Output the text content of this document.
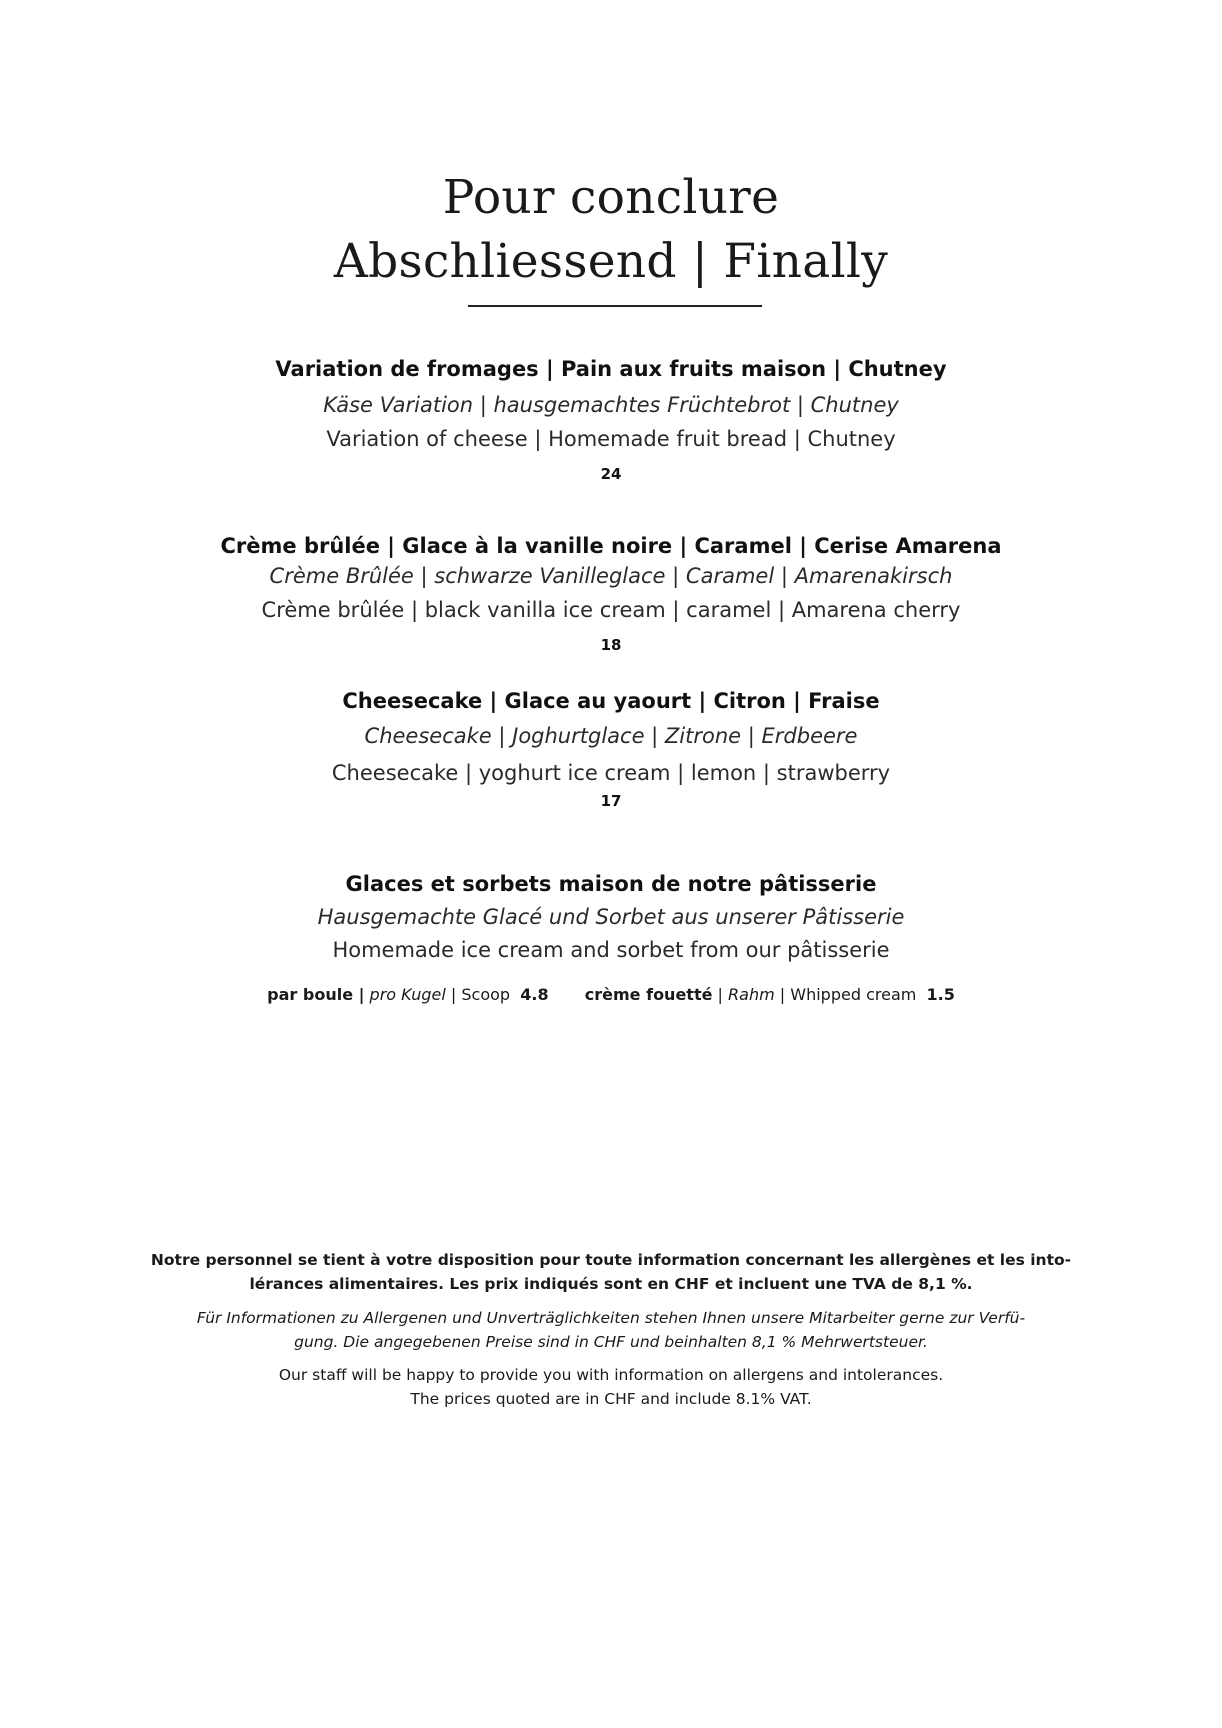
Pour conclure
Abschliessend | Finally
Variation de fromages | Pain aux fruits maison | Chutney
Käse Variation | hausgemachtes Früchtebrot | Chutney
Variation of cheese | Homemade fruit bread | Chutney
24
Crème brûlée | Glace à la vanille noire | Caramel | Cerise Amarena
Crème Brûlée | schwarze Vanilleglace | Caramel | Amarenakirsch
Crème brûlée | black vanilla ice cream | caramel | Amarena cherry
18
Cheesecake | Glace au yaourt | Citron | Fraise
Cheesecake | Joghurtglace | Zitrone | Erdbeere
Cheesecake | yoghurt ice cream | lemon | strawberry
17
Glaces et sorbets maison de notre pâtisserie
Hausgemachte Glacé und Sorbet aus unserer Pâtisserie
Homemade ice cream and sorbet from our pâtisserie
par boule | pro Kugel | Scoop 4.8 crème fouetté | Rahm | Whipped cream 1.5

Notre personnel se tient à votre disposition pour toute information concernant les allergènes et les into-
lérances alimentaires. Les prix indiqués sont en CHF et incluent une TVA de 8,1 %.

Für Informationen zu Allergenen und Unverträglichkeiten stehen Ihnen unsere Mitarbeiter gerne zur Verfü-
gung. Die angegebenen Preise sind in CHF und beinhalten 8,1 % Mehrwertsteuer.

Our staff will be happy to provide you with information on allergens and intolerances.
The prices quoted are in CHF and include 8.1% VAT.
